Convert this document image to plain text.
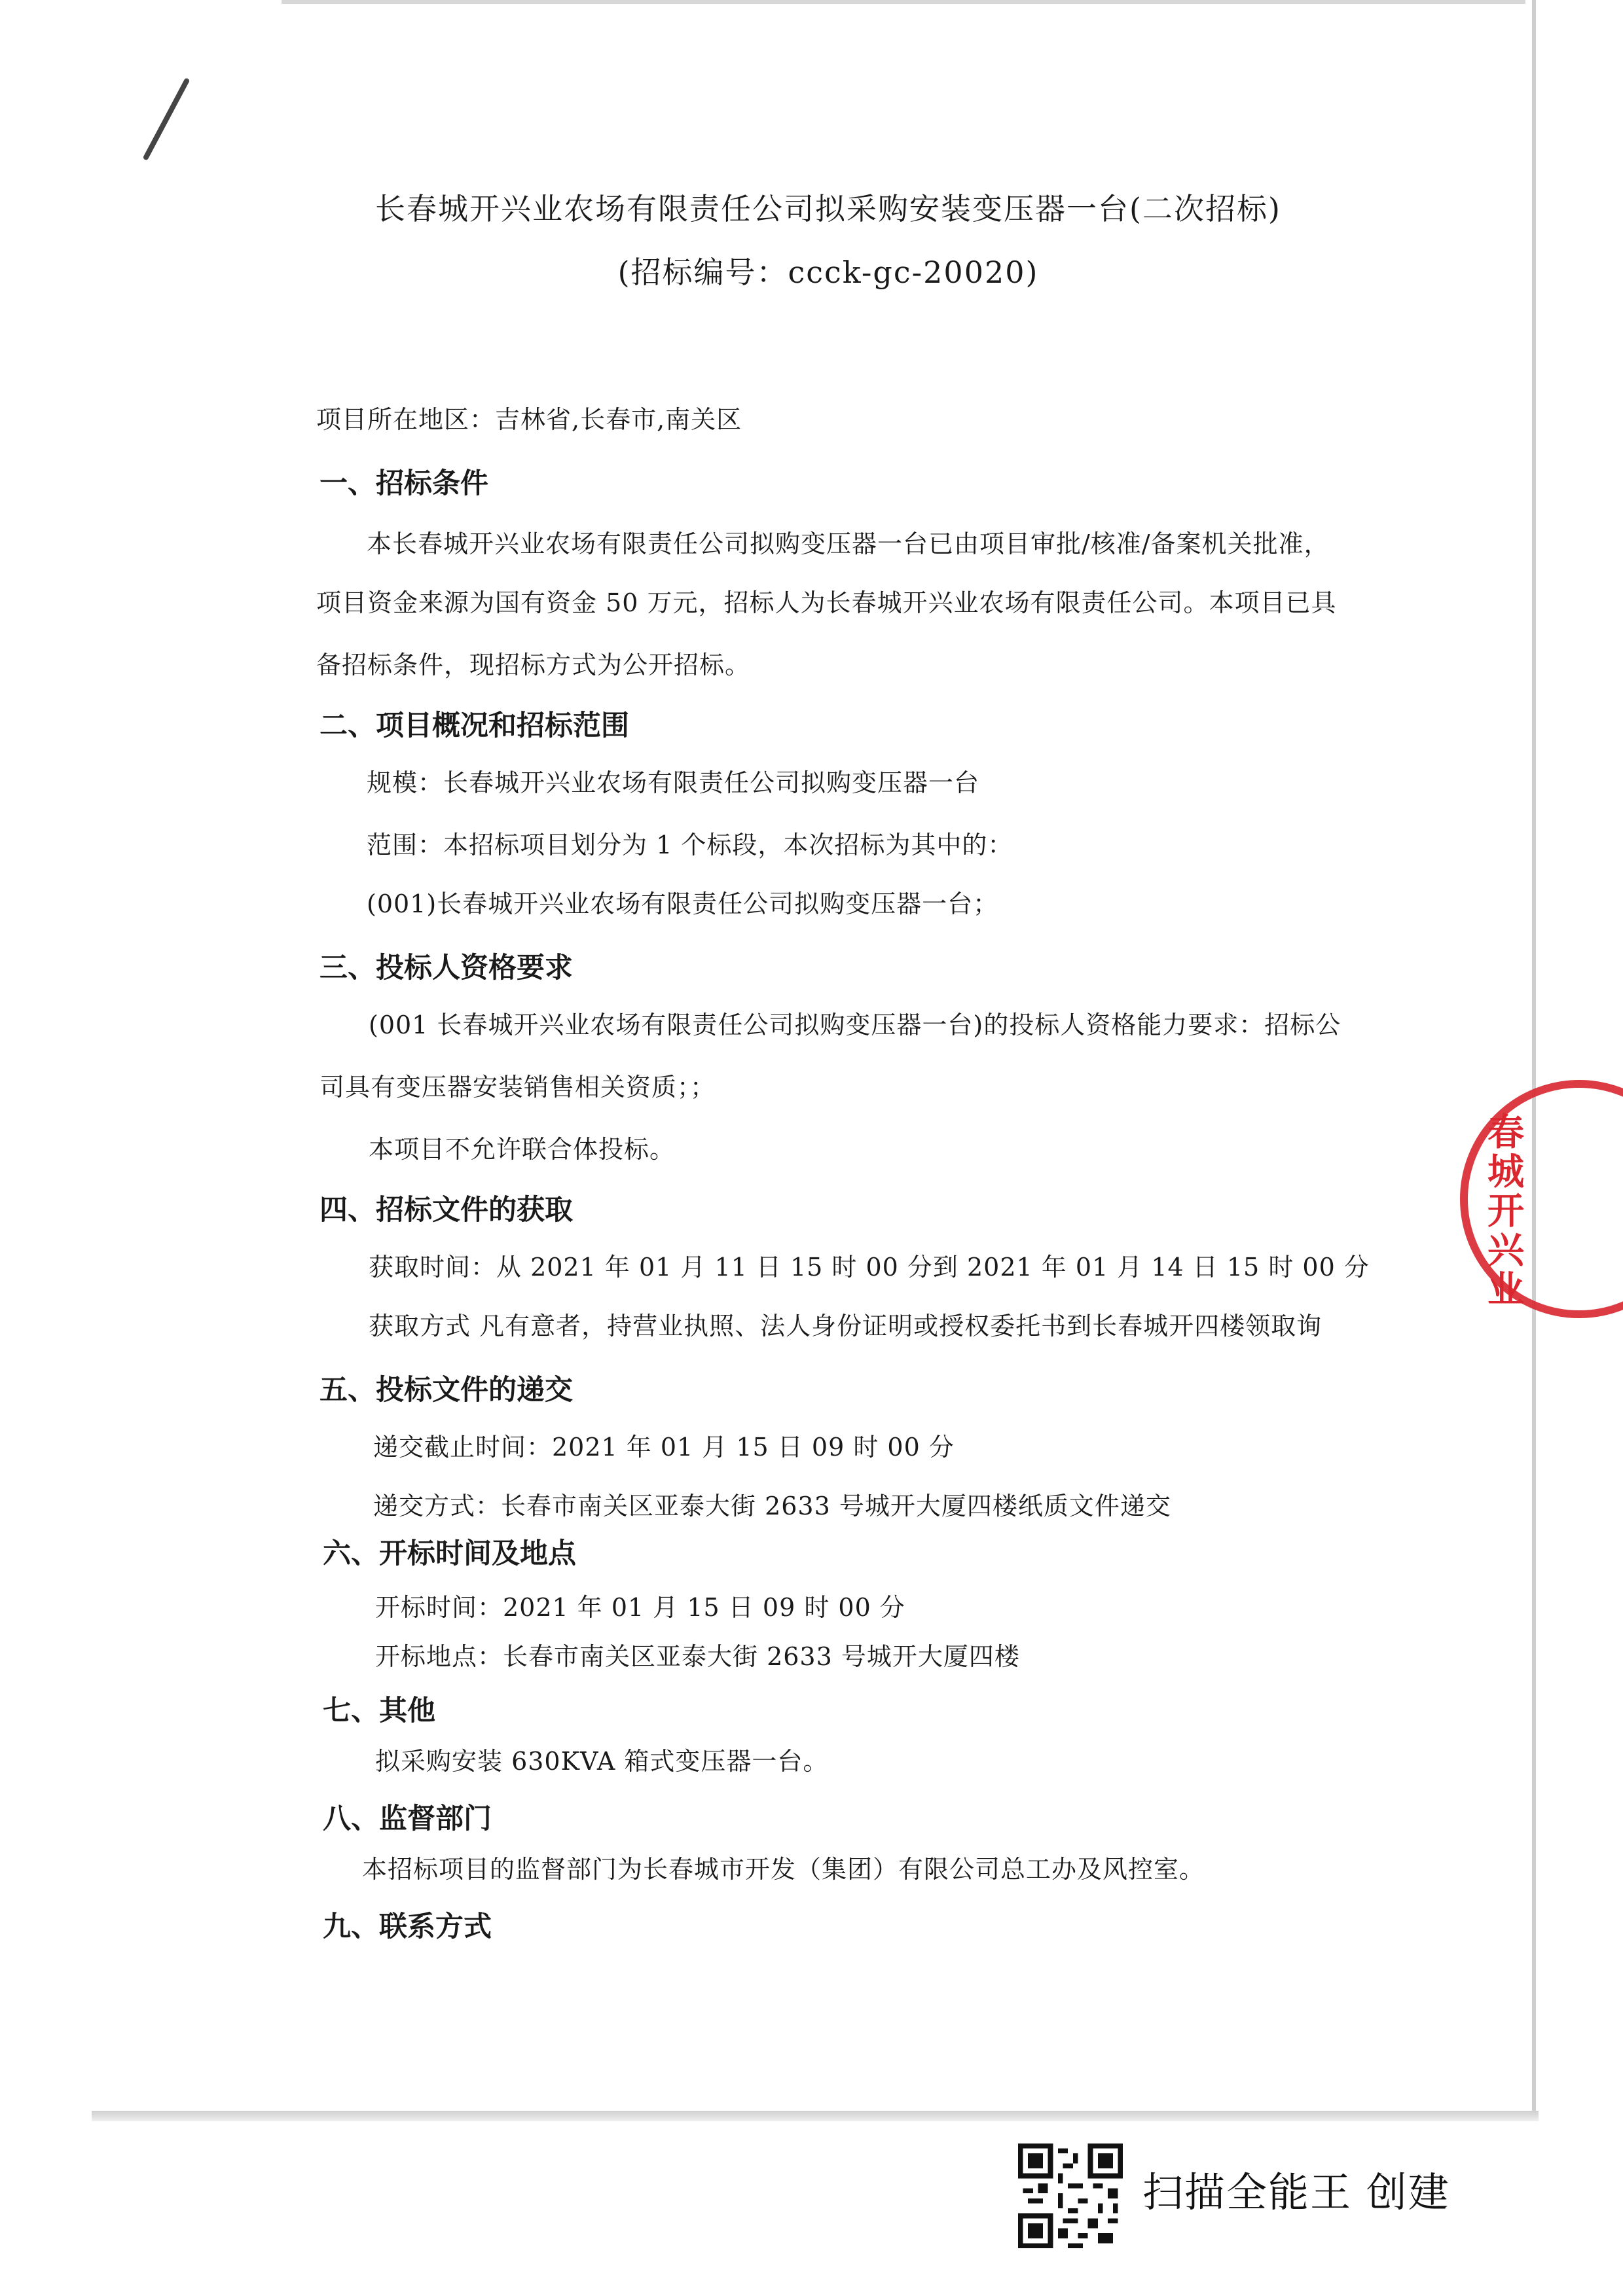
长春城开兴业农场有限责任公司拟采购安装变压器一台(二次招标)
(招标编号：ccck-gc-20020)
项目所在地区：吉林省,长春市,南关区
一、招标条件
本长春城开兴业农场有限责任公司拟购变压器一台已由项目审批/核准/备案机关批准，
项目资金来源为国有资金 50 万元，招标人为长春城开兴业农场有限责任公司。本项目已具
备招标条件，现招标方式为公开招标。
二、项目概况和招标范围
规模：长春城开兴业农场有限责任公司拟购变压器一台
范围：本招标项目划分为 1 个标段，本次招标为其中的：
(001)长春城开兴业农场有限责任公司拟购变压器一台；
三、投标人资格要求
(001 长春城开兴业农场有限责任公司拟购变压器一台)的投标人资格能力要求：招标公
司具有变压器安装销售相关资质；；
本项目不允许联合体投标。
四、招标文件的获取
获取时间：从 2021 年 01 月 11 日 15 时 00 分到 2021 年 01 月 14 日 15 时 00 分
获取方式 凡有意者，持营业执照、法人身份证明或授权委托书到长春城开四楼领取询
五、投标文件的递交
递交截止时间：2021 年 01 月 15 日 09 时 00 分
递交方式：长春市南关区亚泰大街 2633 号城开大厦四楼纸质文件递交
六、开标时间及地点
开标时间：2021 年 01 月 15 日 09 时 00 分
开标地点：长春市南关区亚泰大街 2633 号城开大厦四楼
七、其他
拟采购安装 630KVA 箱式变压器一台。
八、监督部门
本招标项目的监督部门为长春城市开发（集团）有限公司总工办及风控室。
九、联系方式
春城开兴业
扫描全能王 创建
